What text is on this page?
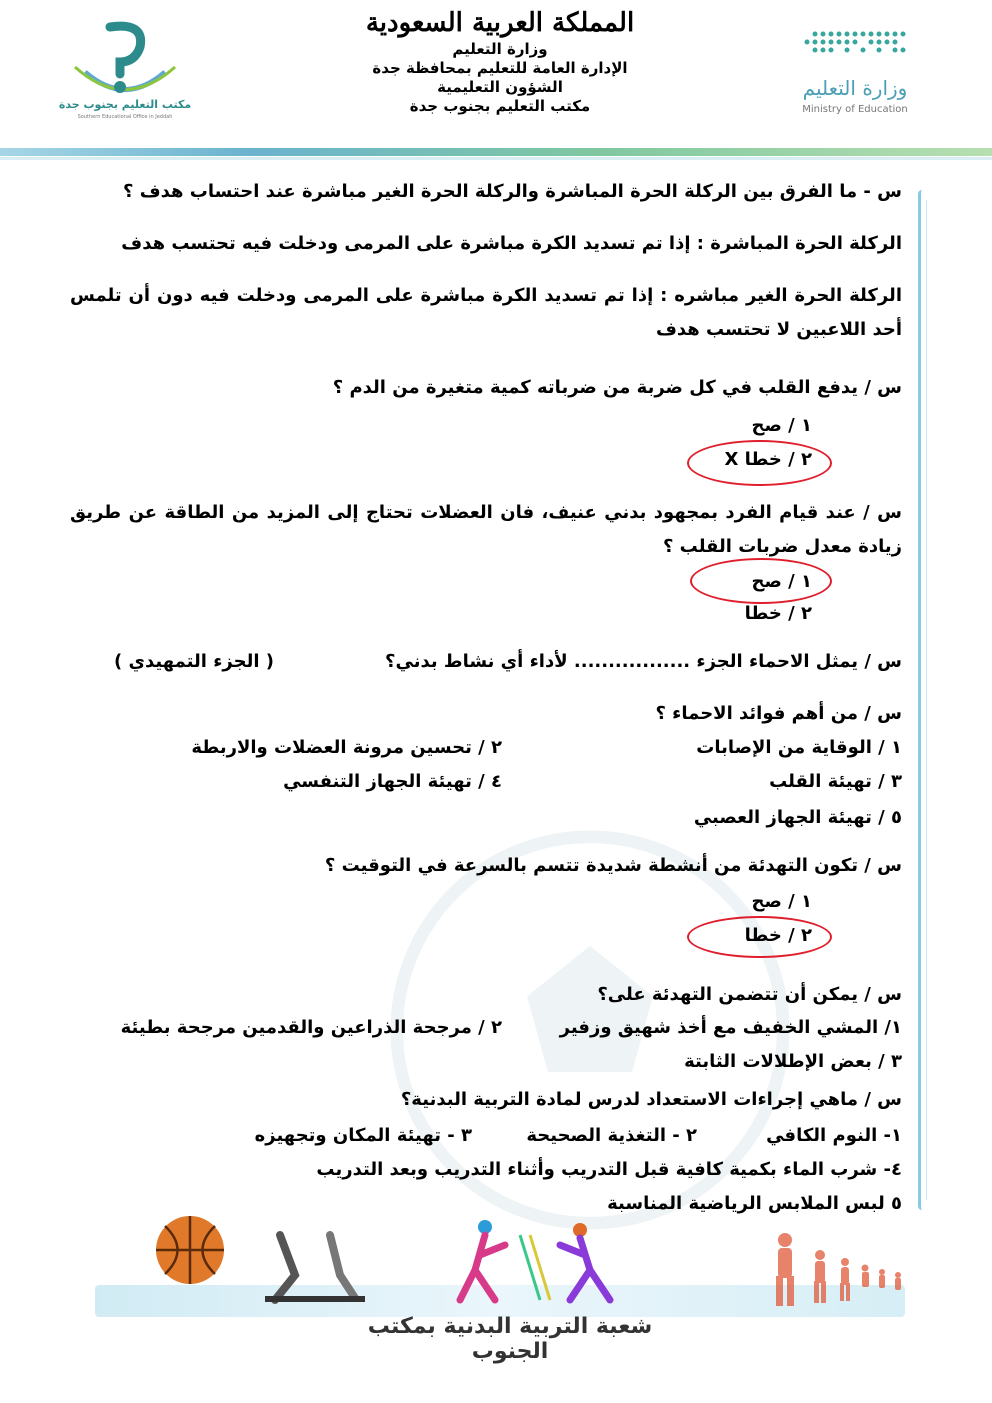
مكتب التعليم بجنوب جدة
Southern Educational Office in Jeddah
المملكة العربية السعودية
وزارة التعليم
الإدارة العامة للتعليم بمحافظة جدة
الشؤون التعليمية
مكتب التعليم بجنوب جدة
وزارة التعليم
Ministry of Education
س - ما الفرق بين الركلة الحرة المباشرة والركلة الحرة الغير مباشرة عند احتساب هدف ؟
الركلة الحرة المباشرة : إذا تم تسديد الكرة مباشرة على المرمى ودخلت فيه تحتسب هدف
الركلة الحرة الغير مباشره : إذا تم تسديد الكرة مباشرة على المرمى ودخلت فيه دون أن تلمس أحد اللاعبين لا تحتسب هدف
س / يدفع القلب في كل ضربة من ضرباته كمية متغيرة من الدم ؟
١ / صح
٢ / خطا X
س / عند قيام الفرد بمجهود بدني عنيف، فان العضلات تحتاج إلى المزيد من الطاقة عن طريق زيادة معدل ضربات القلب ؟
١ / صح
٢ / خطا
س / يمثل الاحماء الجزء ................. لأداء أي نشاط بدني؟
( الجزء التمهيدي )
س / من أهم فوائد الاحماء ؟
١ / الوقاية من الإصابات
٢ / تحسين مرونة العضلات والاربطة
٣ / تهيئة القلب
٤ / تهيئة الجهاز التنفسي
٥ / تهيئة الجهاز العصبي
س / تكون التهدئة من أنشطة شديدة تتسم بالسرعة في التوقيت ؟
١ / صح
٢ / خطا
س / يمكن أن تتضمن التهدئة على؟
١/ المشي الخفيف مع أخذ شهيق وزفير
٢ / مرجحة الذراعين والقدمين مرجحة بطيئة
٣ / بعض الإطلالات الثابتة
س / ماهي إجراءات الاستعداد لدرس لمادة التربية البدنية؟
١- النوم الكافي
٢ - التغذية الصحيحة
٣ - تهيئة المكان وتجهيزه
٤- شرب الماء بكمية كافية قبل التدريب وأثناء التدريب وبعد التدريب
٥ لبس الملابس الرياضية المناسبة
شعبة التربية البدنية بمكتب الجنوب
